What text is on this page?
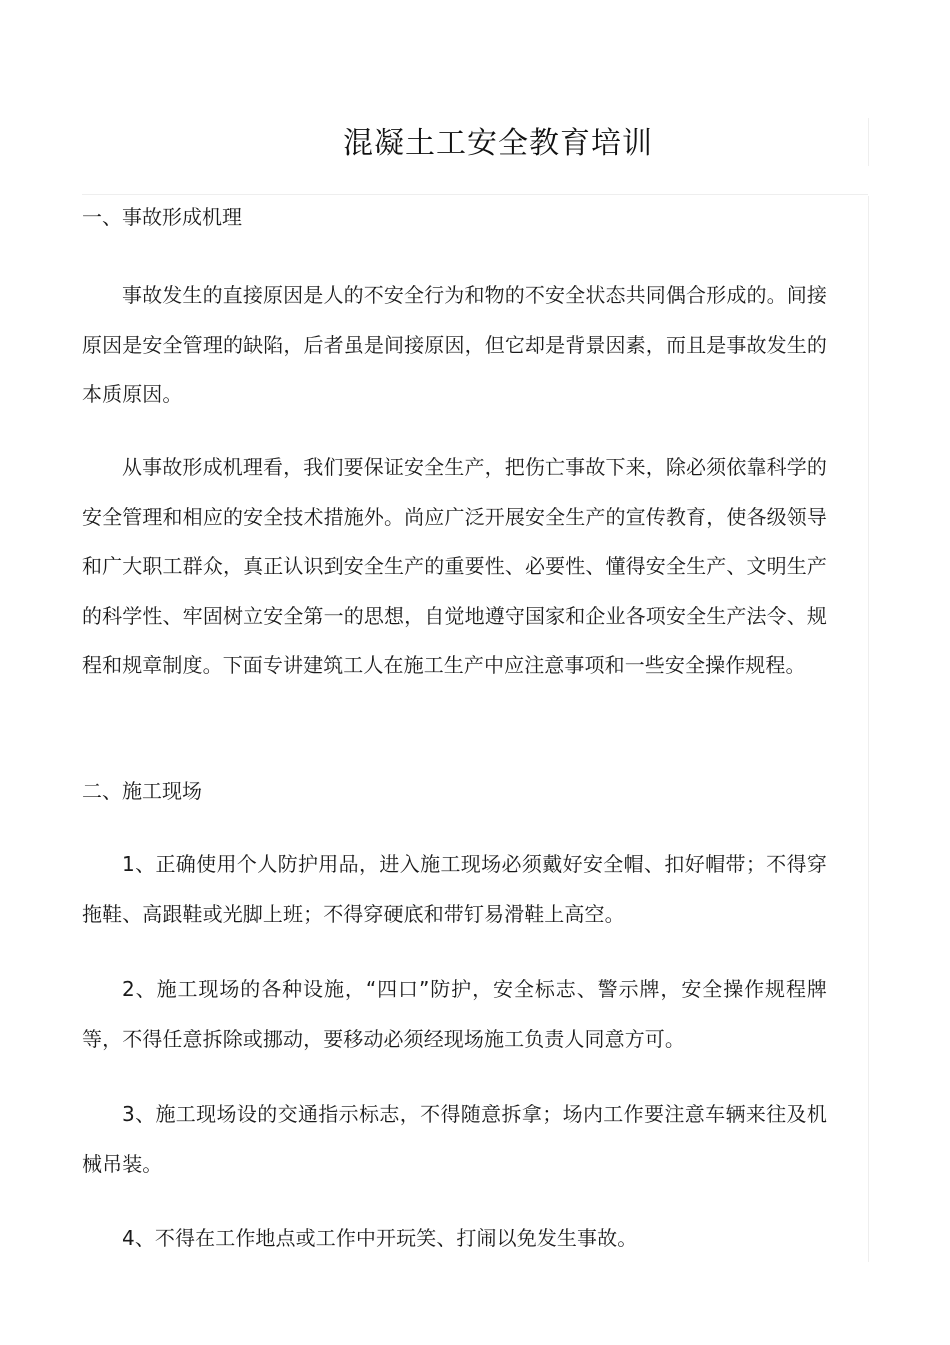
混凝土工安全教育培训
一、事故形成机理

事故发生的直接原因是人的不安全行为和物的不安全状态共同偶合形成的。间接原因是安全管理的缺陷，后者虽是间接原因，但它却是背景因素，而且是事故发生的本质原因。

从事故形成机理看，我们要保证安全生产，把伤亡事故下来，除必须依靠科学的安全管理和相应的安全技术措施外。尚应广泛开展安全生产的宣传教育，使各级领导和广大职工群众，真正认识到安全生产的重要性、必要性、懂得安全生产、文明生产的科学性、牢固树立安全第一的思想，自觉地遵守国家和企业各项安全生产法令、规程和规章制度。下面专讲建筑工人在施工生产中应注意事项和一些安全操作规程。

二、施工现场

1、正确使用个人防护用品，进入施工现场必须戴好安全帽、扣好帽带；不得穿拖鞋、高跟鞋或光脚上班；不得穿硬底和带钉易滑鞋上高空。

2、施工现场的各种设施，“四口”防护，安全标志、警示牌，安全操作规程牌等，不得任意拆除或挪动，要移动必须经现场施工负责人同意方可。

3、施工现场设的交通指示标志，不得随意拆拿；场内工作要注意车辆来往及机械吊装。

4、不得在工作地点或工作中开玩笑、打闹以免发生事故。
